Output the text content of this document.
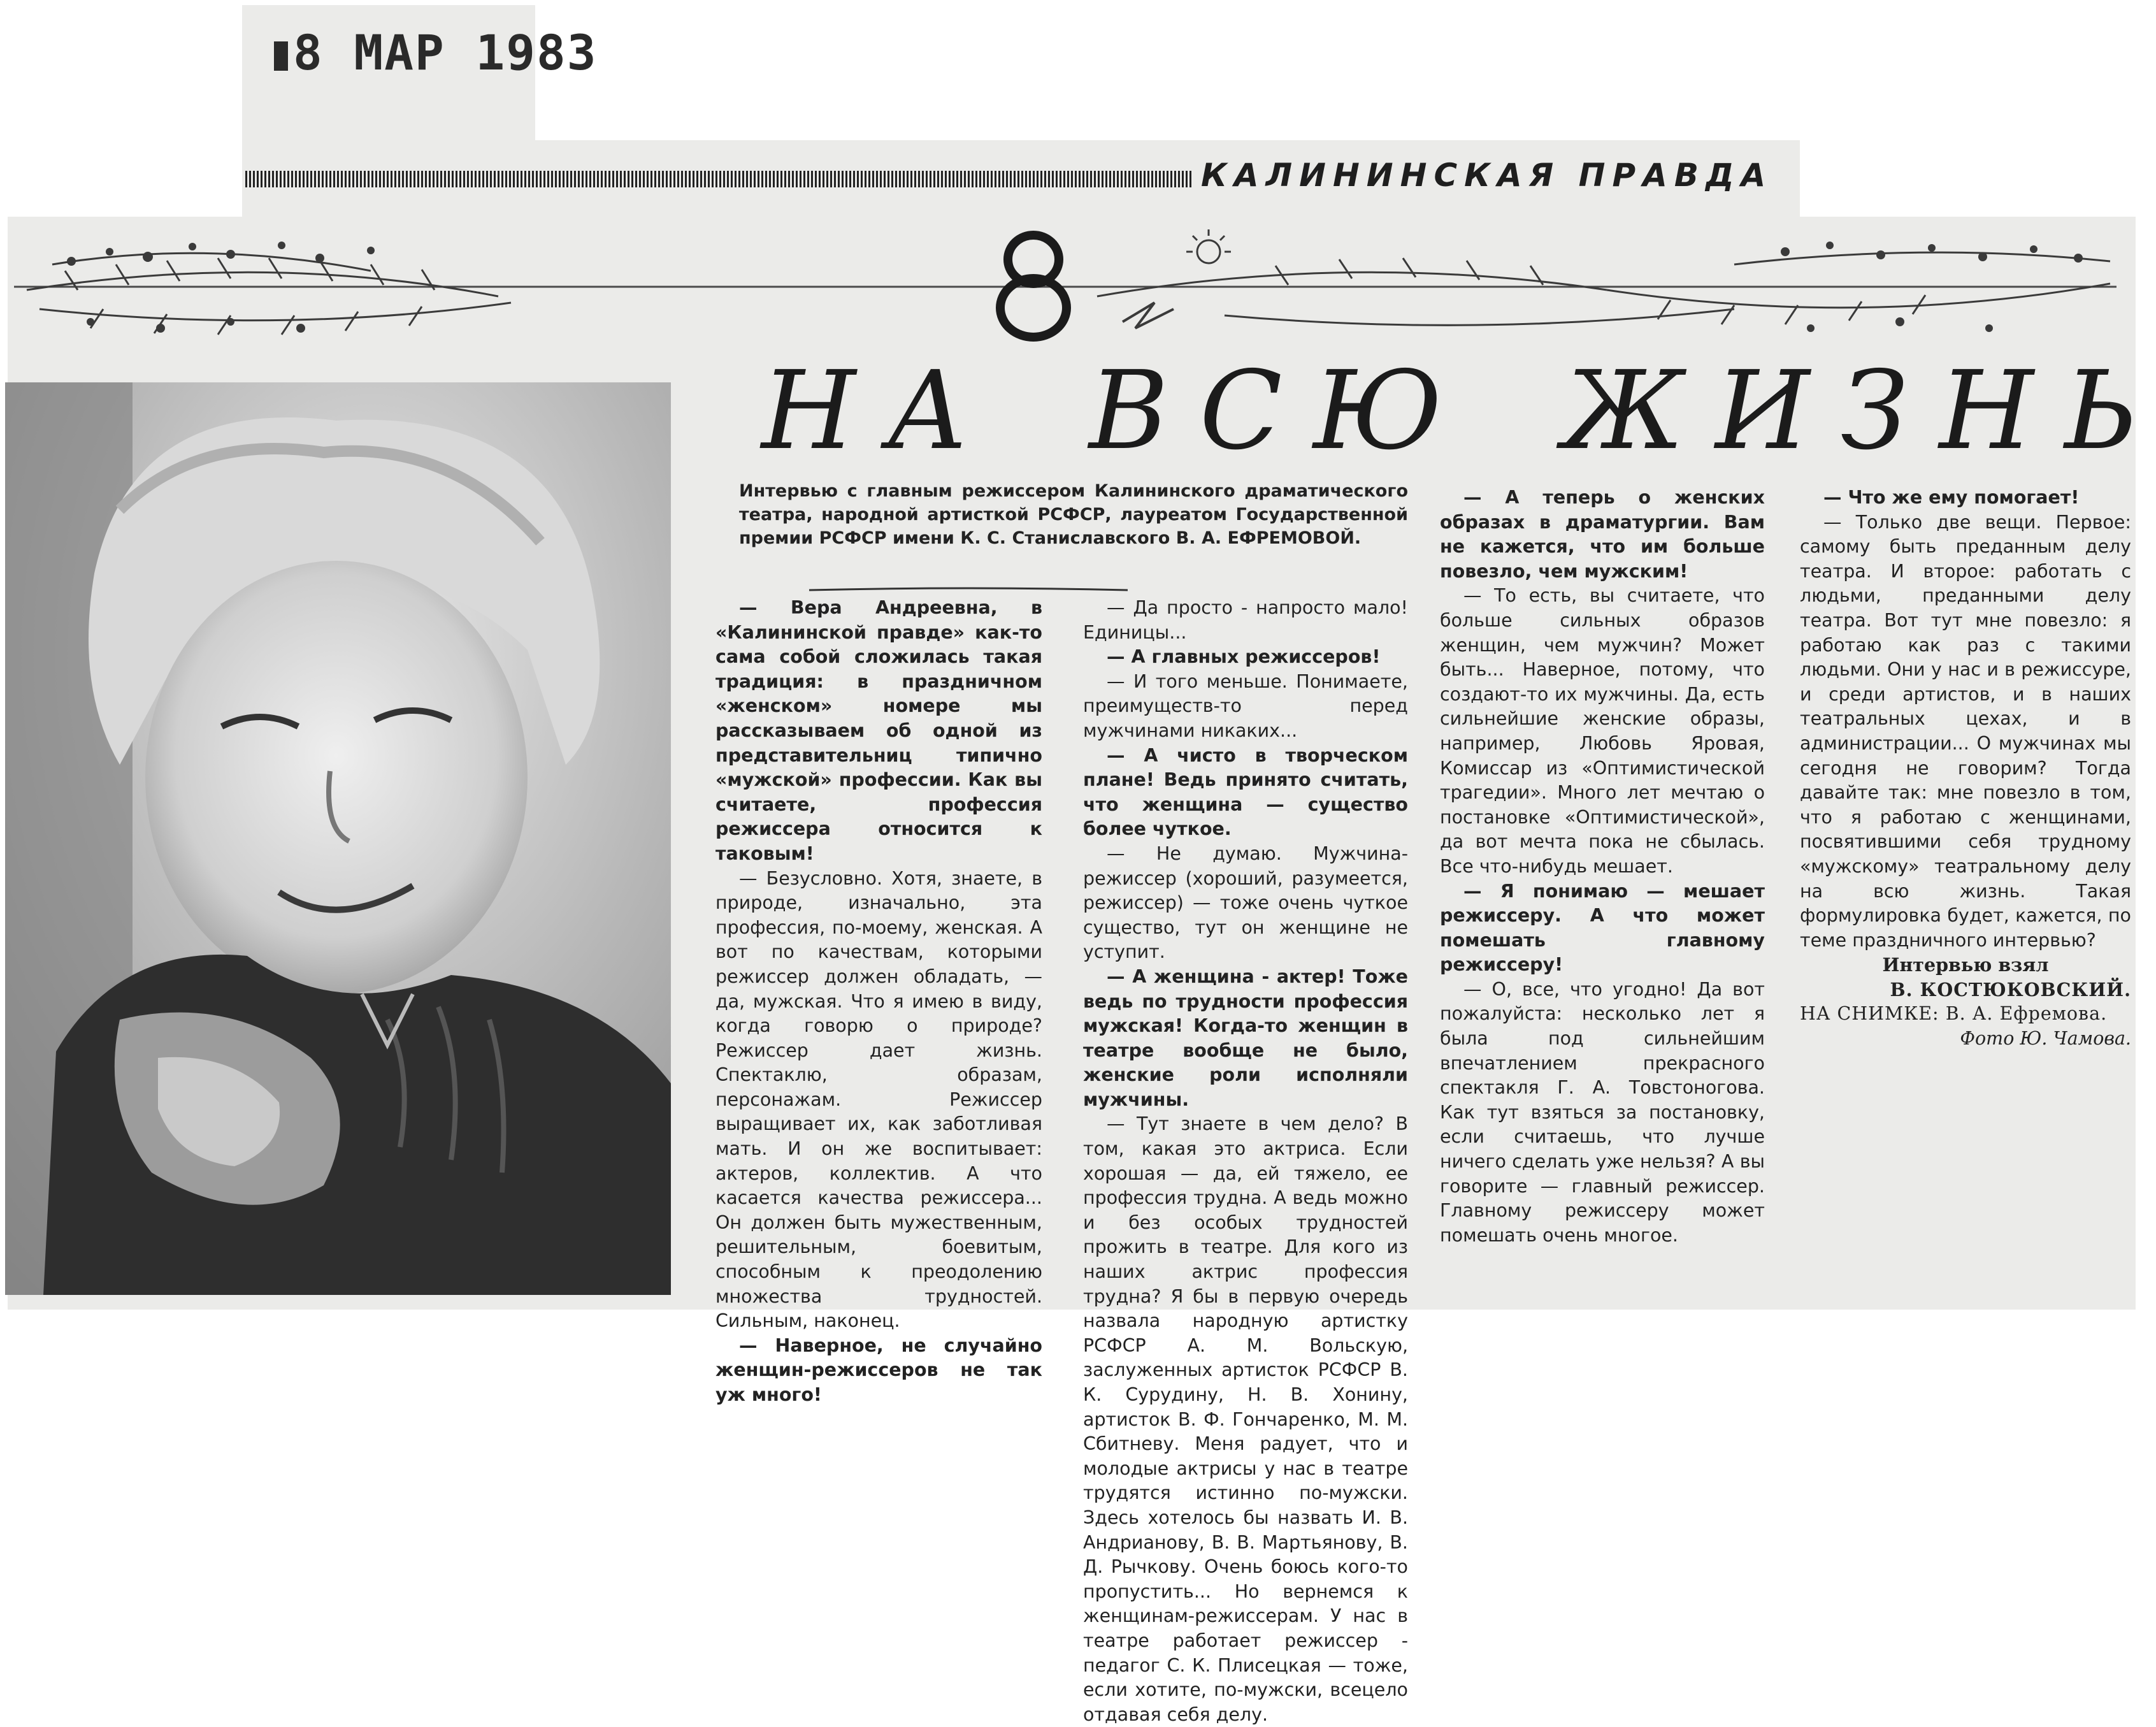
8 МАР 1983
КАЛИНИНСКАЯ ПРАВДА
Н А В С Ю Ж И З Н Ь
Интервью с главным режиссером Калининского драматического театра, народной артисткой РСФСР, лауреатом Государственной премии РСФСР имени К. С. Станиславского В. А. ЕФРЕМОВОЙ.

— Вера Андреевна, в «Калининской правде» как-то сама собой сложилась такая традиция: в праздничном «женском» номере мы рассказываем об одной из представительниц типично «мужской» профессии. Как вы считаете, профессия режиссера относится к таковым!

— Безусловно. Хотя, знаете, в природе, изначально, эта профессия, по-моему, женская. А вот по качествам, которыми режиссер должен обладать, — да, мужская. Что я имею в виду, когда говорю о природе? Режиссер дает жизнь. Спектаклю, образам, персонажам. Режиссер выращивает их, как заботливая мать. И он же воспитывает: актеров, коллектив. А что касается качества режиссера... Он должен быть мужественным, решительным, боевитым, способным к преодолению множества трудностей. Сильным, наконец.

— Наверное, не случайно женщин-режиссеров не так уж много!

— Да просто - напросто мало! Единицы...

— А главных режиссеров!

— И того меньше. Понимаете, преимуществ-то перед мужчинами никаких...

— А чисто в творческом плане! Ведь принято считать, что женщина — существо более чуткое.

— Не думаю. Мужчина-режиссер (хороший, разумеется, режиссер) — тоже очень чуткое существо, тут он женщине не уступит.

— А женщина - актер! Тоже ведь по трудности профессия мужская! Когда-то женщин в театре вообще не было, женские роли исполняли мужчины.

— Тут знаете в чем дело? В том, какая это актриса. Если хорошая — да, ей тяжело, ее профессия трудна. А ведь можно и без особых трудностей прожить в театре. Для кого из наших актрис профессия трудна? Я бы в первую очередь назвала народную артистку РСФСР А. М. Вольскую, заслуженных артисток РСФСР В. К. Сурудину, Н. В. Хонину, артисток В. Ф. Гончаренко, М. М. Сбитневу. Меня радует, что и молодые актрисы у нас в театре трудятся истинно по-мужски. Здесь хотелось бы назвать И. В. Андрианову, В. В. Мартьянову, В. Д. Рычкову. Очень боюсь кого-то пропустить... Но вернемся к женщинам-режиссерам. У нас в театре работает режиссер - педагог С. К. Плисецкая — тоже, если хотите, по-мужски, всецело отдавая себя делу.

— А теперь о женских образах в драматургии. Вам не кажется, что им больше повезло, чем мужским!

— То есть, вы считаете, что больше сильных образов женщин, чем мужчин? Может быть... Наверное, потому, что создают-то их мужчины. Да, есть сильнейшие женские образы, например, Любовь Яровая, Комиссар из «Оптимистической трагедии». Много лет мечтаю о постановке «Оптимистической», да вот мечта пока не сбылась. Все что-нибудь мешает.

— Я понимаю — мешает режиссеру. А что может помешать главному режиссеру!

— О, все, что угодно! Да вот пожалуйста: несколько лет я была под сильнейшим впечатлением прекрасного спектакля Г. А. Товстоногова. Как тут взяться за постановку, если считаешь, что лучше ничего сделать уже нельзя? А вы говорите — главный режиссер. Главному режиссеру может помешать очень многое.

— Что же ему помогает!

— Только две вещи. Первое: самому быть преданным делу театра. И второе: работать с людьми, преданными делу театра. Вот тут мне повезло: я работаю как раз с такими людьми. Они у нас и в режиссуре, и среди артистов, и в наших театральных цехах, и в администрации... О мужчинах мы сегодня не говорим? Тогда давайте так: мне повезло в том, что я работаю с женщинами, посвятившими себя трудному «мужскому» театральному делу на всю жизнь. Такая формулировка будет, кажется, по теме праздничного интервью?

Интервью взял
В. КОСТЮКОВСКИЙ.
НА СНИМКЕ: В. А. Ефремова.
Фото Ю. Чамова.
